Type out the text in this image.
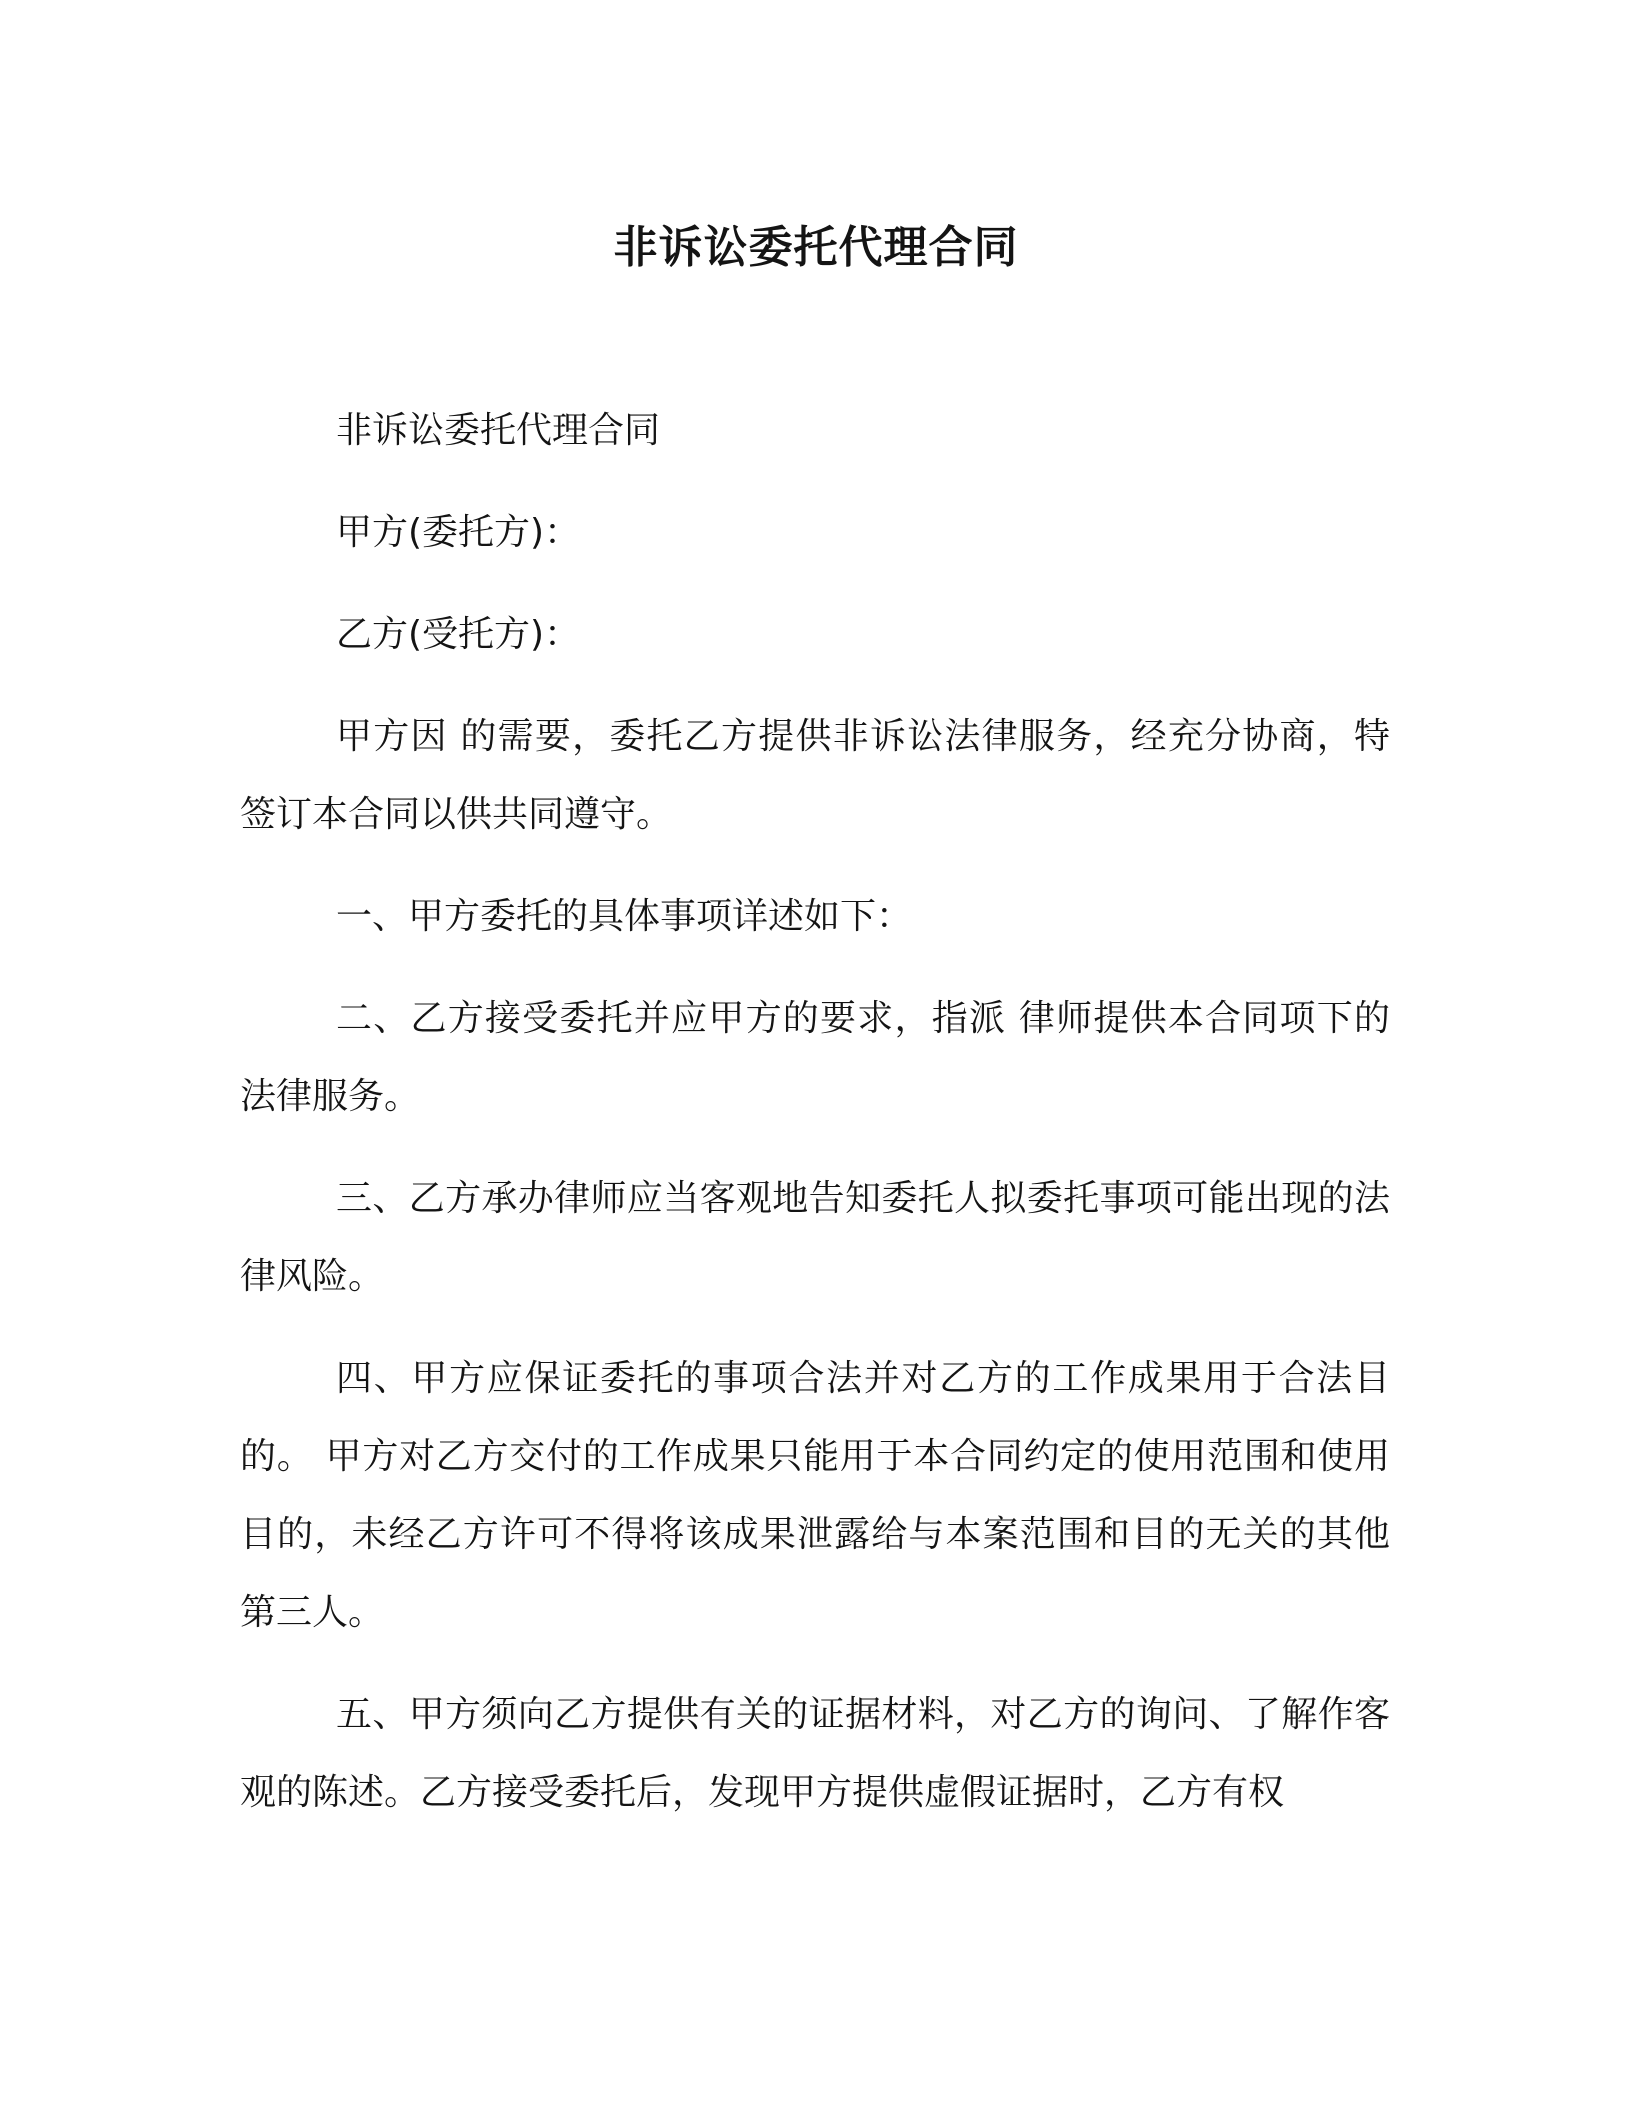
非诉讼委托代理合同

非诉讼委托代理合同

甲方(委托方)：

乙方(受托方)：

甲方因 的需要，委托乙方提供非诉讼法律服务，经充分协商，特签订本合同以供共同遵守。

一、甲方委托的具体事项详述如下：

二、乙方接受委托并应甲方的要求，指派 律师提供本合同项下的法律服务。

三、乙方承办律师应当客观地告知委托人拟委托事项可能出现的法律风险。

四、甲方应保证委托的事项合法并对乙方的工作成果用于合法目的。 甲方对乙方交付的工作成果只能用于本合同约定的使用范围和使用目的，未经乙方许可不得将该成果泄露给与本案范围和目的无关的其他第三人。

五、甲方须向乙方提供有关的证据材料，对乙方的询问、了解作客观的陈述。乙方接受委托后，发现甲方提供虚假证据时，乙方有权
